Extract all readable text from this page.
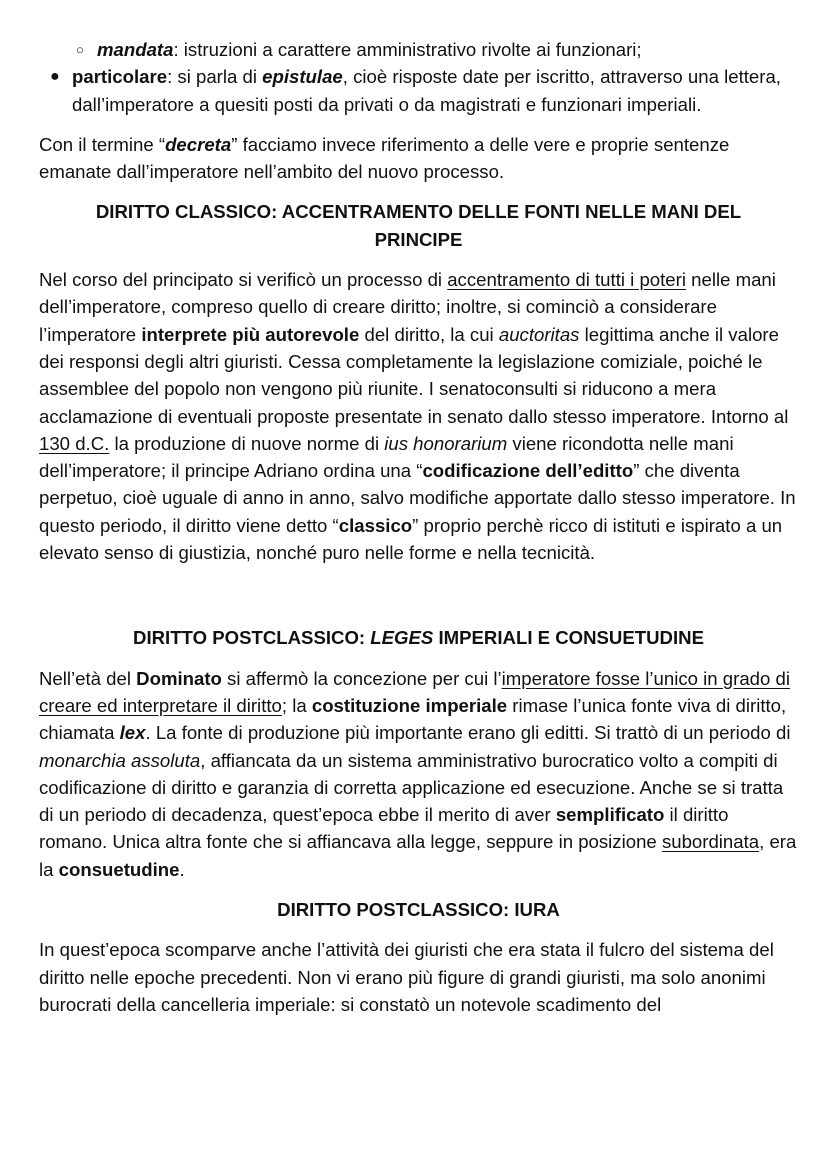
○ mandata: istruzioni a carattere amministrativo rivolte ai funzionari;
● particolare: si parla di epistulae, cioè risposte date per iscritto, attraverso una lettera, dall’imperatore a quesiti posti da privati o da magistrati e funzionari imperiali.

Con il termine “decreta” facciamo invece riferimento a delle vere e proprie sentenze emanate dall’imperatore nell’ambito del nuovo processo.

DIRITTO CLASSICO: ACCENTRAMENTO DELLE FONTI NELLE MANI DEL PRINCIPE

Nel corso del principato si verificò un processo di accentramento di tutti i poteri nelle mani dell’imperatore, compreso quello di creare diritto; inoltre, si cominciò a considerare l’imperatore interprete più autorevole del diritto, la cui auctoritas legittima anche il valore dei responsi degli altri giuristi. Cessa completamente la legislazione comiziale, poiché le assemblee del popolo non vengono più riunite. I senatoconsulti si riducono a mera acclamazione di eventuali proposte presentate in senato dallo stesso imperatore. Intorno al 130 d.C. la produzione di nuove norme di ius honorarium viene ricondotta nelle mani dell’imperatore; il principe Adriano ordina una “codificazione dell’editto” che diventa perpetuo, cioè uguale di anno in anno, salvo modifiche apportate dallo stesso imperatore. In questo periodo, il diritto viene detto “classico” proprio perchè ricco di istituti e ispirato a un elevato senso di giustizia, nonché puro nelle forme e nella tecnicità.

DIRITTO POSTCLASSICO: LEGES IMPERIALI E CONSUETUDINE

Nell’età del Dominato si affermò la concezione per cui l’imperatore fosse l’unico in grado di creare ed interpretare il diritto; la costituzione imperiale rimase l’unica fonte viva di diritto, chiamata lex. La fonte di produzione più importante erano gli editti. Si trattò di un periodo di monarchia assoluta, affiancata da un sistema amministrativo burocratico volto a compiti di codificazione di diritto e garanzia di corretta applicazione ed esecuzione. Anche se si tratta di un periodo di decadenza, quest’epoca ebbe il merito di aver semplificato il diritto romano. Unica altra fonte che si affiancava alla legge, seppure in posizione subordinata, era la consuetudine.

DIRITTO POSTCLASSICO: IURA

In quest’epoca scomparve anche l’attività dei giuristi che era stata il fulcro del sistema del diritto nelle epoche precedenti. Non vi erano più figure di grandi giuristi, ma solo anonimi burocrati della cancelleria imperiale: si constatò un notevole scadimento del
